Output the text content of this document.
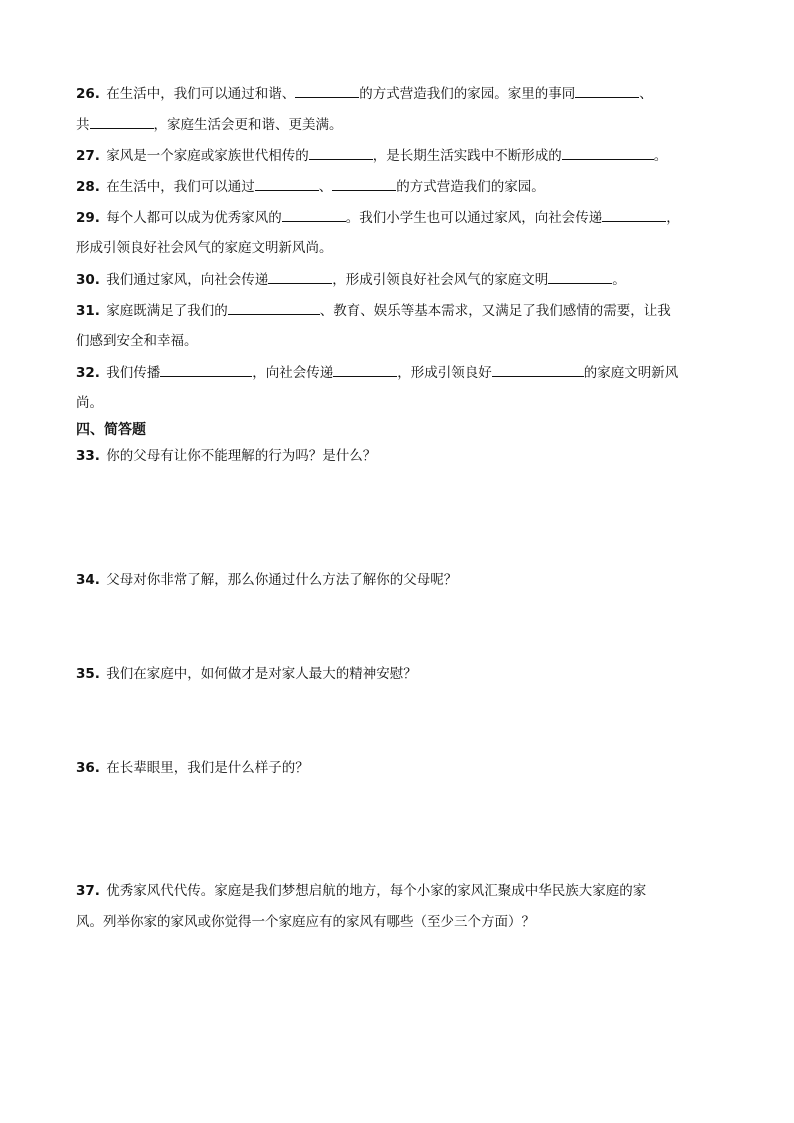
26. 在生活中，我们可以通过和谐、	的方式营造我们的家园。家里的事同	、
共	，家庭生活会更和谐、更美满。
27. 家风是一个家庭或家族世代相传的	，是长期生活实践中不断形成的	。
28. 在生活中，我们可以通过	、	的方式营造我们的家园。
29. 每个人都可以成为优秀家风的	。我们小学生也可以通过家风，向社会传递	，
形成引领良好社会风气的家庭文明新风尚。
30. 我们通过家风，向社会传递	，形成引领良好社会风气的家庭文明	。
31. 家庭既满足了我们的	、教育、娱乐等基本需求，又满足了我们感情的需要，让我
们感到安全和幸福。
32. 我们传播	，向社会传递	，形成引领良好	的家庭文明新风
尚。
四、简答题
33. 你的父母有让你不能理解的行为吗？是什么？
34. 父母对你非常了解，那么你通过什么方法了解你的父母呢？
35. 我们在家庭中，如何做才是对家人最大的精神安慰？
36. 在长辈眼里，我们是什么样子的？
37. 优秀家风代代传。家庭是我们梦想启航的地方，每个小家的家风汇聚成中华民族大家庭的家
风。列举你家的家风或你觉得一个家庭应有的家风有哪些（至少三个方面）？
